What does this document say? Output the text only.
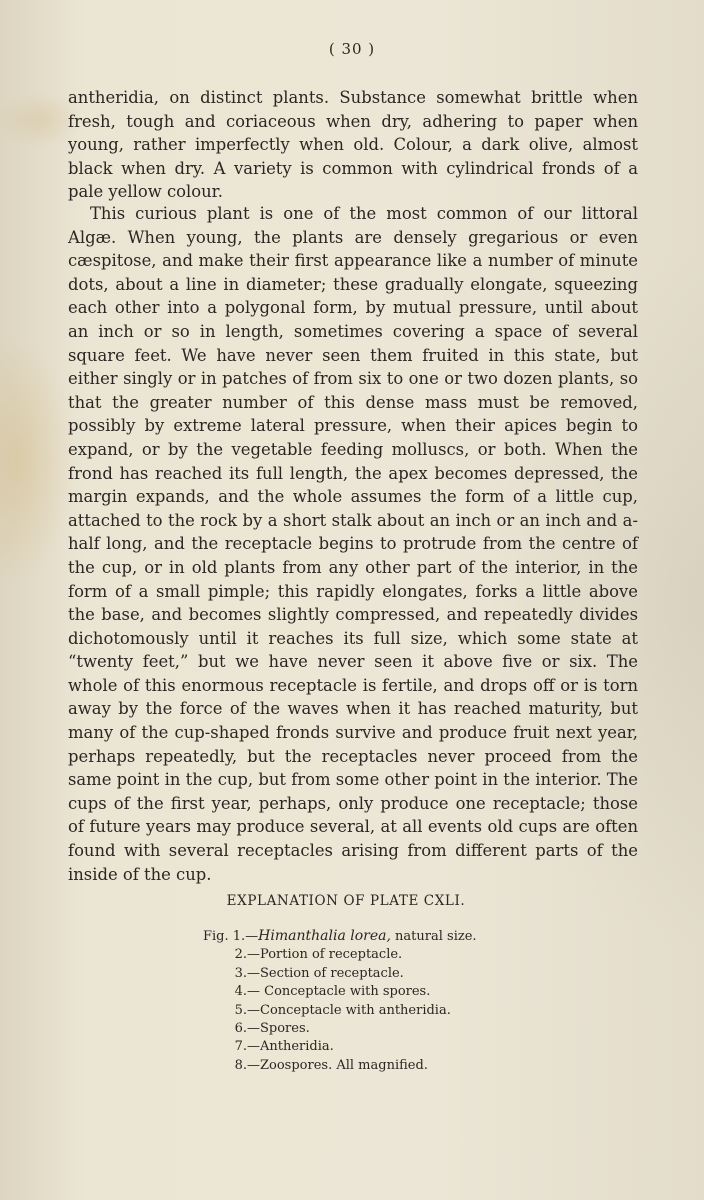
( 30 )

antheridia, on distinct plants. Substance somewhat brittle when fresh, tough and coriaceous when dry, adhering to paper when young, rather imperfectly when old. Colour, a dark olive, almost black when dry. A variety is common with cylindrical fronds of a pale yellow colour.

This curious plant is one of the most common of our littoral Algæ. When young, the plants are densely gregarious or even cæspitose, and make their first appearance like a number of minute dots, about a line in diameter; these gradually elongate, squeezing each other into a polygonal form, by mutual pressure, until about an inch or so in length, sometimes covering a space of several square feet. We have never seen them fruited in this state, but either singly or in patches of from six to one or two dozen plants, so that the greater number of this dense mass must be removed, possibly by extreme lateral pressure, when their apices begin to expand, or by the vegetable feeding molluscs, or both. When the frond has reached its full length, the apex becomes depressed, the margin expands, and the whole assumes the form of a little cup, attached to the rock by a short stalk about an inch or an inch and a-half long, and the receptacle begins to protrude from the centre of the cup, or in old plants from any other part of the interior, in the form of a small pimple; this rapidly elongates, forks a little above the base, and becomes slightly compressed, and repeatedly divides dichotomously until it reaches its full size, which some state at “twenty feet,” but we have never seen it above five or six. The whole of this enormous receptacle is fertile, and drops off or is torn away by the force of the waves when it has reached maturity, but many of the cup-shaped fronds survive and produce fruit next year, perhaps repeatedly, but the receptacles never proceed from the same point in the cup, but from some other point in the interior. The cups of the first year, perhaps, only produce one receptacle; those of future years may produce several, at all events old cups are often found with several receptacles arising from different parts of the inside of the cup.

EXPLANATION OF PLATE CXLI.
Fig. 1.—Himanthalia lorea, natural size.
2.—Portion of receptacle.
3.—Section of receptacle.
4.— Conceptacle with spores.
5.—Conceptacle with antheridia.
6.—Spores.
7.—Antheridia.
8.—Zoospores. All magnified.
